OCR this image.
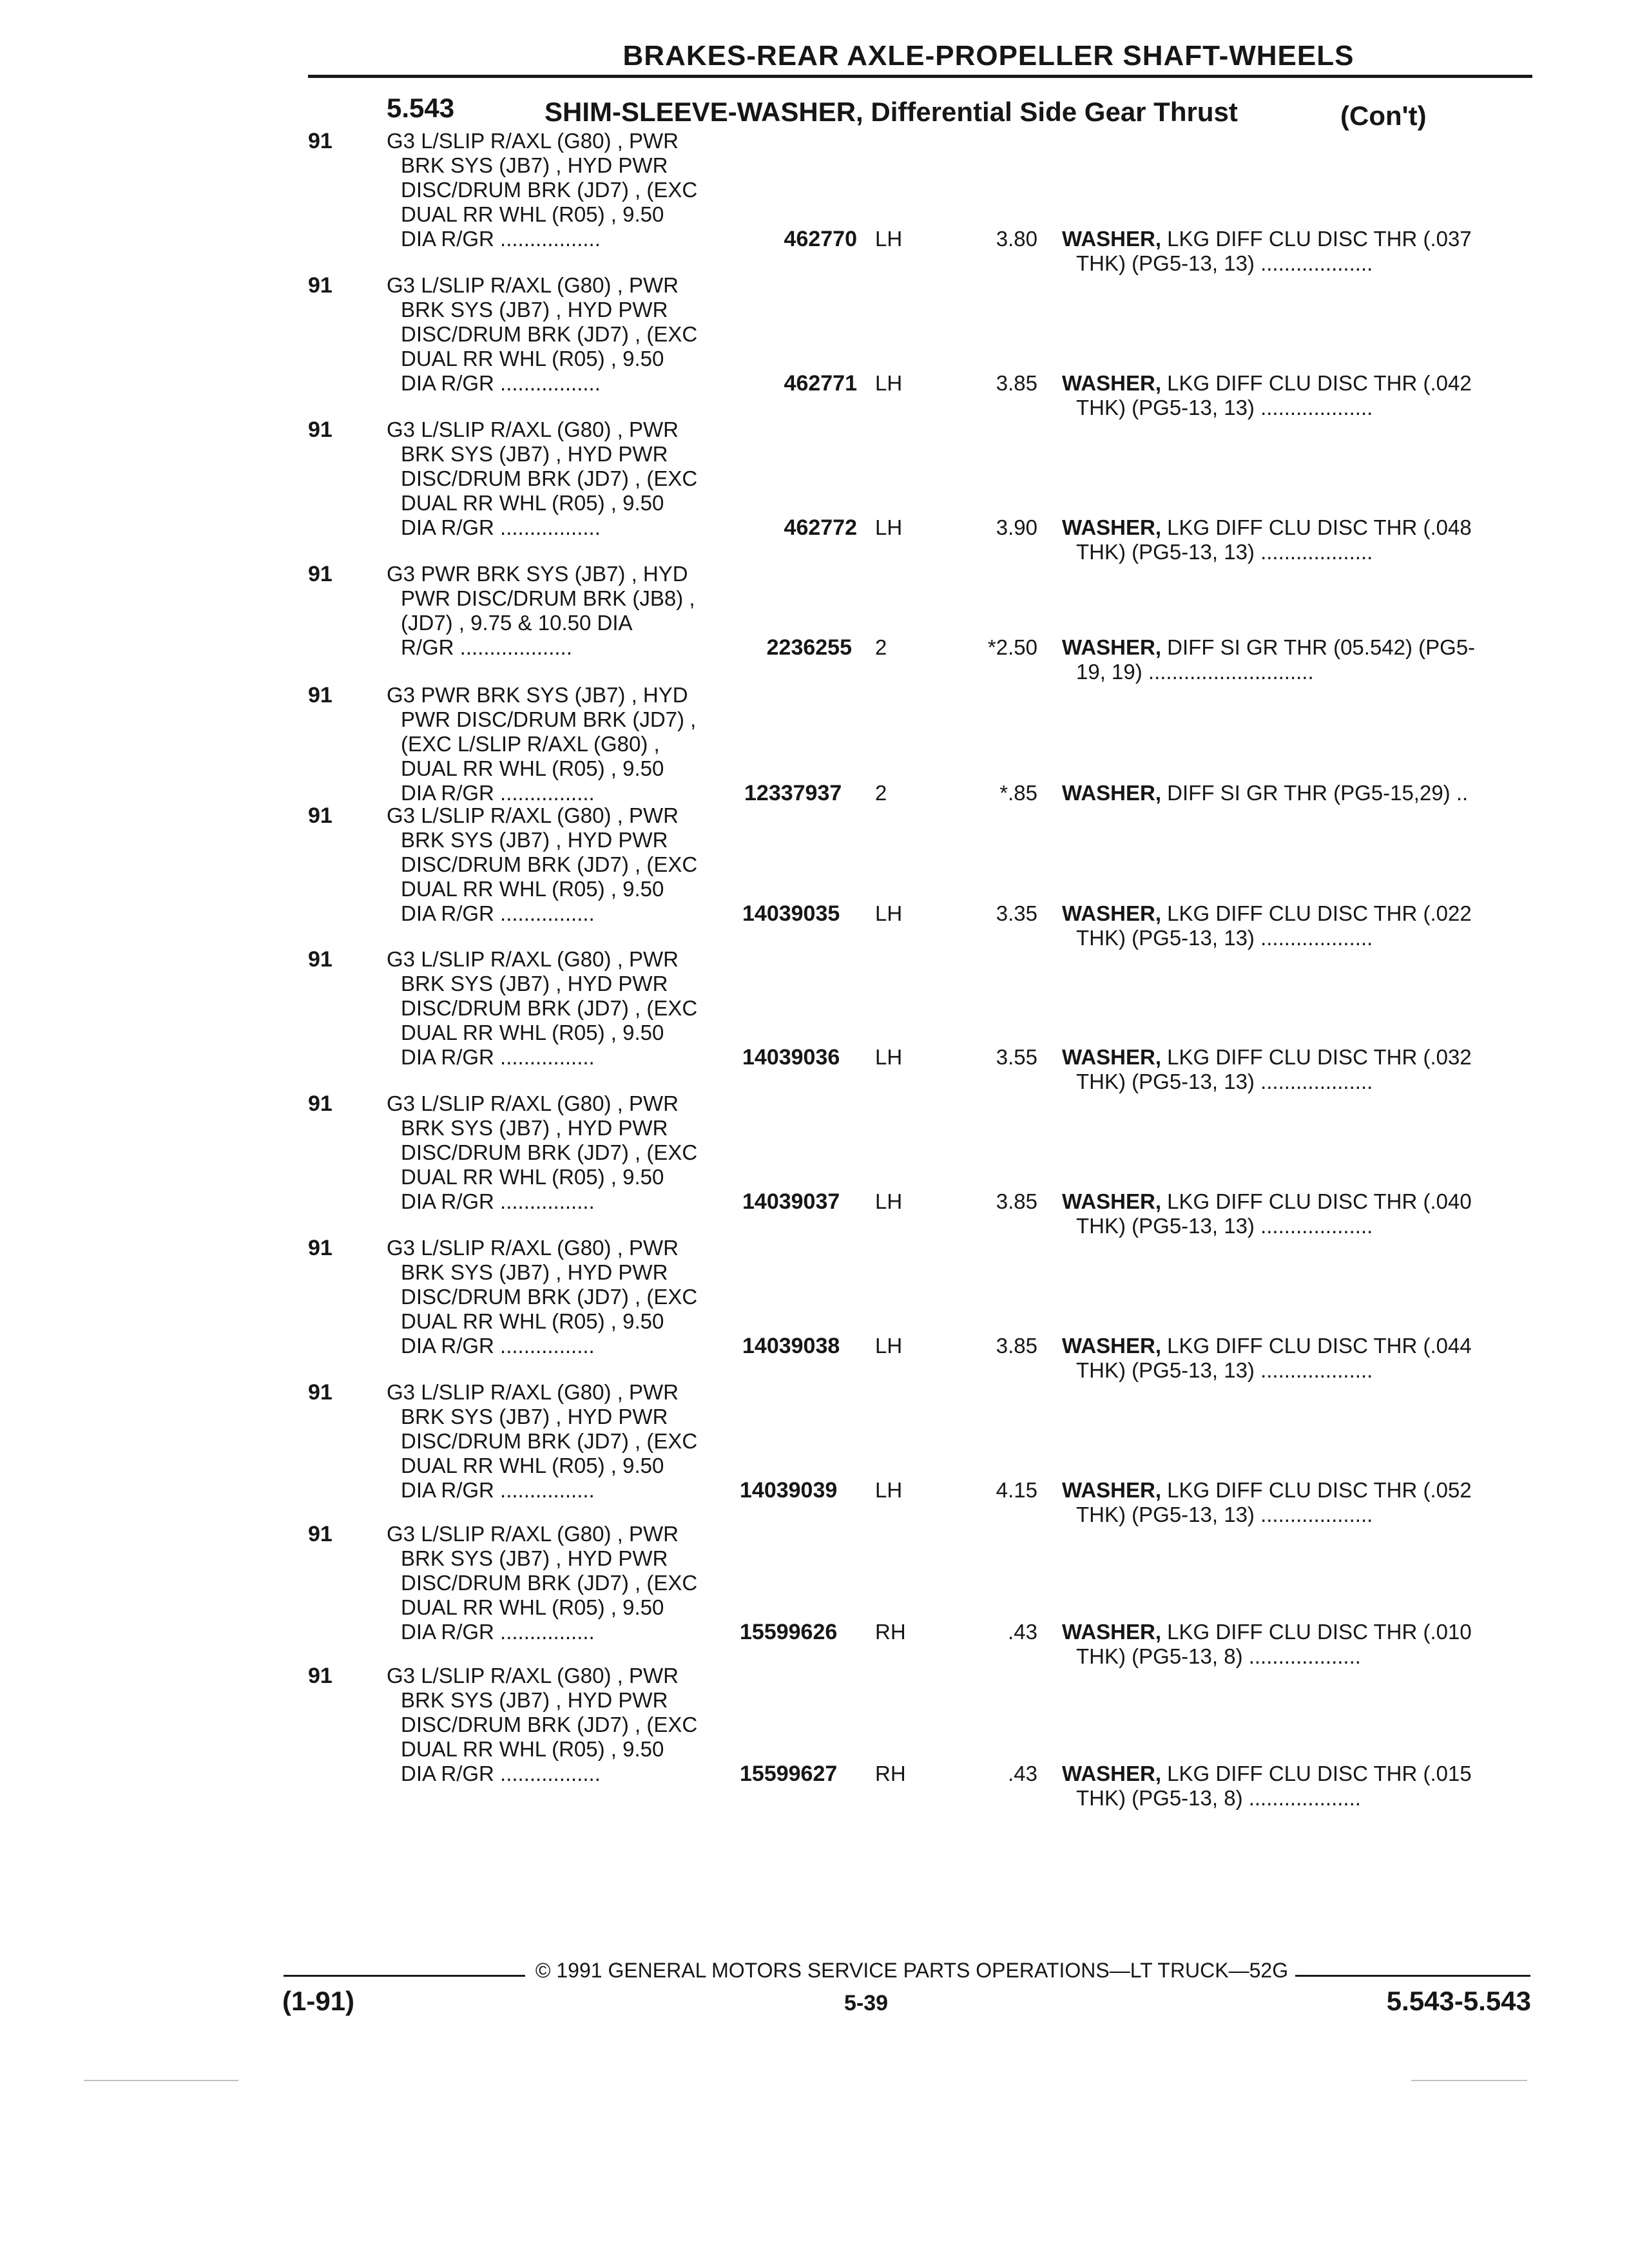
BRAKES-REAR AXLE-PROPELLER SHAFT-WHEELS
5.543	SHIM-SLEEVE-WASHER, Differential Side Gear Thrust	(Con't)
91	G3 L/SLIP R/AXL (G80) , PWR
BRK SYS (JB7) , HYD PWR
DISC/DRUM BRK (JD7) , (EXC
DUAL RR WHL (R05) , 9.50
DIA R/GR .................	462770 LH	3.80 WASHER, LKG DIFF CLU DISC THR (.037
THK) (PG5-13, 13) ...................
91	G3 L/SLIP R/AXL (G80) , PWR
BRK SYS (JB7) , HYD PWR
DISC/DRUM BRK (JD7) , (EXC
DUAL RR WHL (R05) , 9.50
DIA R/GR .................	462771 LH	3.85 WASHER, LKG DIFF CLU DISC THR (.042
THK) (PG5-13, 13) ...................
91	G3 L/SLIP R/AXL (G80) , PWR
BRK SYS (JB7) , HYD PWR
DISC/DRUM BRK (JD7) , (EXC
DUAL RR WHL (R05) , 9.50
DIA R/GR .................	462772 LH	3.90 WASHER, LKG DIFF CLU DISC THR (.048
THK) (PG5-13, 13) ...................
91	G3 PWR BRK SYS (JB7) , HYD
PWR DISC/DRUM BRK (JB8) ,
(JD7) , 9.75 & 10.50 DIA
R/GR ...................	2236255 2	*2.50 WASHER, DIFF SI GR THR (05.542) (PG5-
19, 19) ............................
91	G3 PWR BRK SYS (JB7) , HYD
PWR DISC/DRUM BRK (JD7) ,
(EXC L/SLIP R/AXL (G80) ,
DUAL RR WHL (R05) , 9.50
DIA R/GR ................	12337937 2	*.85 WASHER, DIFF SI GR THR (PG5-15,29) ..
91	G3 L/SLIP R/AXL (G80) , PWR
BRK SYS (JB7) , HYD PWR
DISC/DRUM BRK (JD7) , (EXC
DUAL RR WHL (R05) , 9.50
DIA R/GR ................	14039035 LH	3.35 WASHER, LKG DIFF CLU DISC THR (.022
THK) (PG5-13, 13) ...................
91	G3 L/SLIP R/AXL (G80) , PWR
BRK SYS (JB7) , HYD PWR
DISC/DRUM BRK (JD7) , (EXC
DUAL RR WHL (R05) , 9.50
DIA R/GR ................	14039036 LH	3.55 WASHER, LKG DIFF CLU DISC THR (.032
THK) (PG5-13, 13) ...................
91	G3 L/SLIP R/AXL (G80) , PWR
BRK SYS (JB7) , HYD PWR
DISC/DRUM BRK (JD7) , (EXC
DUAL RR WHL (R05) , 9.50
DIA R/GR ................	14039037 LH	3.85 WASHER, LKG DIFF CLU DISC THR (.040
THK) (PG5-13, 13) ...................
91	G3 L/SLIP R/AXL (G80) , PWR
BRK SYS (JB7) , HYD PWR
DISC/DRUM BRK (JD7) , (EXC
DUAL RR WHL (R05) , 9.50
DIA R/GR ................	14039038 LH	3.85 WASHER, LKG DIFF CLU DISC THR (.044
THK) (PG5-13, 13) ...................
91	G3 L/SLIP R/AXL (G80) , PWR
BRK SYS (JB7) , HYD PWR
DISC/DRUM BRK (JD7) , (EXC
DUAL RR WHL (R05) , 9.50
DIA R/GR ................	14039039 LH	4.15 WASHER, LKG DIFF CLU DISC THR (.052
THK) (PG5-13, 13) ...................
91	G3 L/SLIP R/AXL (G80) , PWR
BRK SYS (JB7) , HYD PWR
DISC/DRUM BRK (JD7) , (EXC
DUAL RR WHL (R05) , 9.50
DIA R/GR ................	15599626 RH	.43 WASHER, LKG DIFF CLU DISC THR (.010
THK) (PG5-13, 8) ...................
91	G3 L/SLIP R/AXL (G80) , PWR
BRK SYS (JB7) , HYD PWR
DISC/DRUM BRK (JD7) , (EXC
DUAL RR WHL (R05) , 9.50
DIA R/GR .................	15599627 RH	.43 WASHER, LKG DIFF CLU DISC THR (.015
THK) (PG5-13, 8) ...................
© 1991 GENERAL MOTORS SERVICE PARTS OPERATIONS—LT TRUCK—52G
(1-91)	5-39	5.543-5.543
